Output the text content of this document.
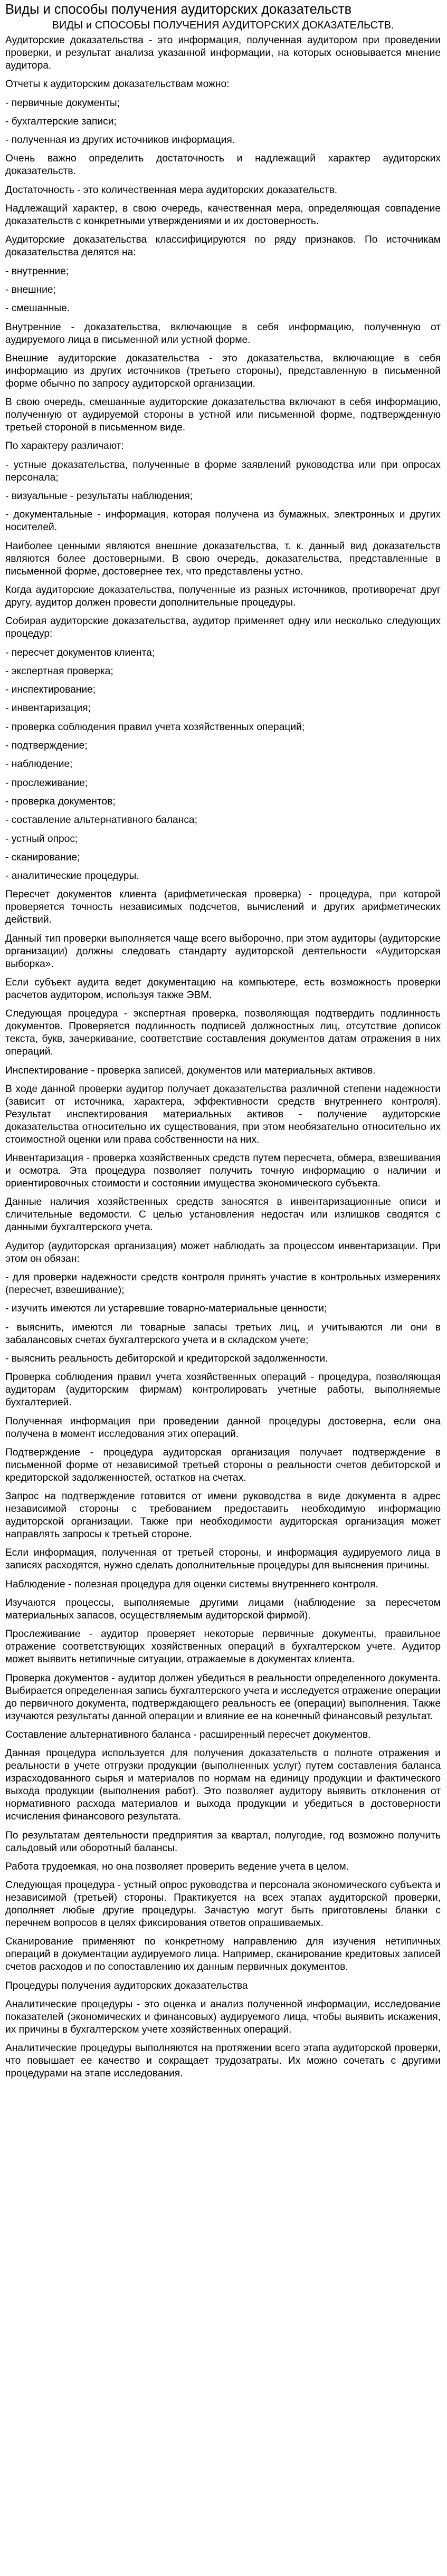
Виды и способы получения аудиторских доказательств
ВИДЫ и СПОСОБЫ ПОЛУЧЕНИЯ АУДИТОРСКИХ ДОКАЗАТЕЛЬСТВ.
Аудиторские доказательства - это информация, полученная аудитором при проведении проверки, и результат анализа указанной информации, на которых основывается мнение аудитора.
Отчеты к аудиторским доказательствам можно:
- первичные документы;
- бухгалтерские записи;
- полученная из других источников информация.
Очень важно определить достаточность и надлежащий характер аудиторских доказательств.
Достаточность - это количественная мера аудиторских доказательств.
Надлежащий характер, в свою очередь, качественная мера, определяющая совпадение доказательств с конкретными утверждениями и их достоверность.
Аудиторские доказательства классифицируются по ряду признаков. По источникам доказательства делятся на:
- внутренние;
- внешние;
- смешанные.
Внутренние - доказательства, включающие в себя информацию, полученную от аудируемого лица в письменной или устной форме.
Внешние аудиторские доказательства - это доказательства, включающие в себя информацию из других источников (третьего стороны), представленную в письменной форме обычно по запросу аудиторской организации.
В свою очередь, смешанные аудиторские доказательства включают в себя информацию, полученную от аудируемой стороны в устной или письменной форме, подтвержденную третьей стороной в письменном виде.
По характеру различают:
- устные доказательства, полученные в форме заявлений руководства или при опросах персонала;
- визуальные - результаты наблюдения;
- документальные - информация, которая получена из бумажных, электронных и других носителей.
Наиболее ценными являются внешние доказательства, т. к. данный вид доказательств являются более достоверными. В свою очередь, доказательства, представленные в письменной форме, достовернее тех, что представлены устно.
Когда аудиторские доказательства, полученные из разных источников, противоречат друг другу, аудитор должен провести дополнительные процедуры.
Собирая аудиторские доказательства, аудитор применяет одну или несколько следующих процедур:
- пересчет документов клиента;
- экспертная проверка;
- инспектирование;
- инвентаризация;
- проверка соблюдения правил учета хозяйственных операций;
- подтверждение;
- наблюдение;
- прослеживание;
- проверка документов;
- составление альтернативного баланса;
- устный опрос;
- сканирование;
- аналитические процедуры.
Пересчет документов клиента (арифметическая проверка) - процедура, при которой проверяется точность независимых подсчетов, вычислений и других арифметических действий.
Данный тип проверки выполняется чаще всего выборочно, при этом аудиторы (аудиторские организации) должны следовать стандарту аудиторской деятельности «Аудиторская выборка».
Если субъект аудита ведет документацию на компьютере, есть возможность проверки расчетов аудитором, используя также ЭВМ.
Следующая процедура - экспертная проверка, позволяющая подтвердить подлинность документов. Проверяется подлинность подписей должностных лиц, отсутствие дописок текста, букв, зачеркивание, соответствие составления документов датам отражения в них операций.
Инспектирование - проверка записей, документов или материальных активов.
В ходе данной проверки аудитор получает доказательства различной степени надежности (зависит от источника, характера, эффективности средств внутреннего контроля). Результат инспектирования материальных активов - получение аудиторские доказательства относительно их существования, при этом необязательно относительно их стоимостной оценки или права собственности на них.
Инвентаризация - проверка хозяйственных средств путем пересчета, обмера, взвешивания и осмотра. Эта процедура позволяет получить точную информацию о наличии и ориентировочных стоимости и состоянии имущества экономического субъекта.
Данные наличия хозяйственных средств заносятся в инвентаризационные описи и сличительные ведомости. С целью установления недостач или излишков сводятся с данными бухгалтерского учета.
Аудитор (аудиторская организация) может наблюдать за процессом инвентаризации. При этом он обязан:
- для проверки надежности средств контроля принять участие в контрольных измерениях (пересчет, взвешивание);
- изучить имеются ли устаревшие товарно-материальные ценности;
- выяснить, имеются ли товарные запасы третьих лиц, и учитываются ли они в забалансовых счетах бухгалтерского учета и в складском учете;
- выяснить реальность дебиторской и кредиторской задолженности.
Проверка соблюдения правил учета хозяйственных операций - процедура, позволяющая аудиторам (аудиторским фирмам) контролировать учетные работы, выполняемые бухгалтерией.
Полученная информация при проведении данной процедуры достоверна, если она получена в момент исследования этих операций.
Подтверждение - процедура аудиторская организация получает подтверждение в письменной форме от независимой третьей стороны о реальности счетов дебиторской и кредиторской задолженностей, остатков на счетах.
Запрос на подтверждение готовится от имени руководства в виде документа в адрес независимой стороны с требованием предоставить необходимую информацию аудиторской организации. Также при необходимости аудиторская организация может направлять запросы к третьей стороне.
Если информация, полученная от третьей стороны, и информация аудируемого лица в записях расходятся, нужно сделать дополнительные процедуры для выяснения причины.
Наблюдение - полезная процедура для оценки системы внутреннего контроля.
Изучаются процессы, выполняемые другими лицами (наблюдение за пересчетом материальных запасов, осуществляемым аудиторской фирмой).
Прослеживание - аудитор проверяет некоторые первичные документы, правильное отражение соответствующих хозяйственных операций в бухгалтерском учете. Аудитор может выявить нетипичные ситуации, отражаемые в документах клиента.
Проверка документов - аудитор должен убедиться в реальности определенного документа. Выбирается определенная запись бухгалтерского учета и исследуется отражение операции до первичного документа, подтверждающего реальность ее (операции) выполнения. Также изучаются результаты данной операции и влияние ее на конечный финансовый результат.
Составление альтернативного баланса - расширенный пересчет документов.
Данная процедура используется для получения доказательств о полноте отражения и реальности в учете отгрузки продукции (выполненных услуг) путем составления баланса израсходованного сырья и материалов по нормам на единицу продукции и фактического выхода продукции (выполнения работ). Это позволяет аудитору выявить отклонения от нормативного расхода материалов и выхода продукции и убедиться в достоверности исчисления финансового результата.
По результатам деятельности предприятия за квартал, полугодие, год возможно получить сальдовый или оборотный балансы.
Работа трудоемкая, но она позволяет проверить ведение учета в целом.
Следующая процедура - устный опрос руководства и персонала экономического субъекта и независимой (третьей) стороны. Практикуется на всех этапах аудиторской проверки, дополняет любые другие процедуры. Зачастую могут быть приготовлены бланки с перечнем вопросов в целях фиксирования ответов опрашиваемых.
Сканирование применяют по конкретному направлению для изучения нетипичных операций в документации аудируемого лица. Например, сканирование кредитовых записей счетов расходов и по сопоставлению их данным первичных документов.
Процедуры получения аудиторских доказательства
Аналитические процедуры - это оценка и анализ полученной информации, исследование показателей (экономических и финансовых) аудируемого лица, чтобы выявить искажения, их причины в бухгалтерском учете хозяйственных операций.
Аналитические процедуры выполняются на протяжении всего этапа аудиторской проверки, что повышает ее качество и сокращает трудозатраты. Их можно сочетать с другими процедурами на этапе исследования.
